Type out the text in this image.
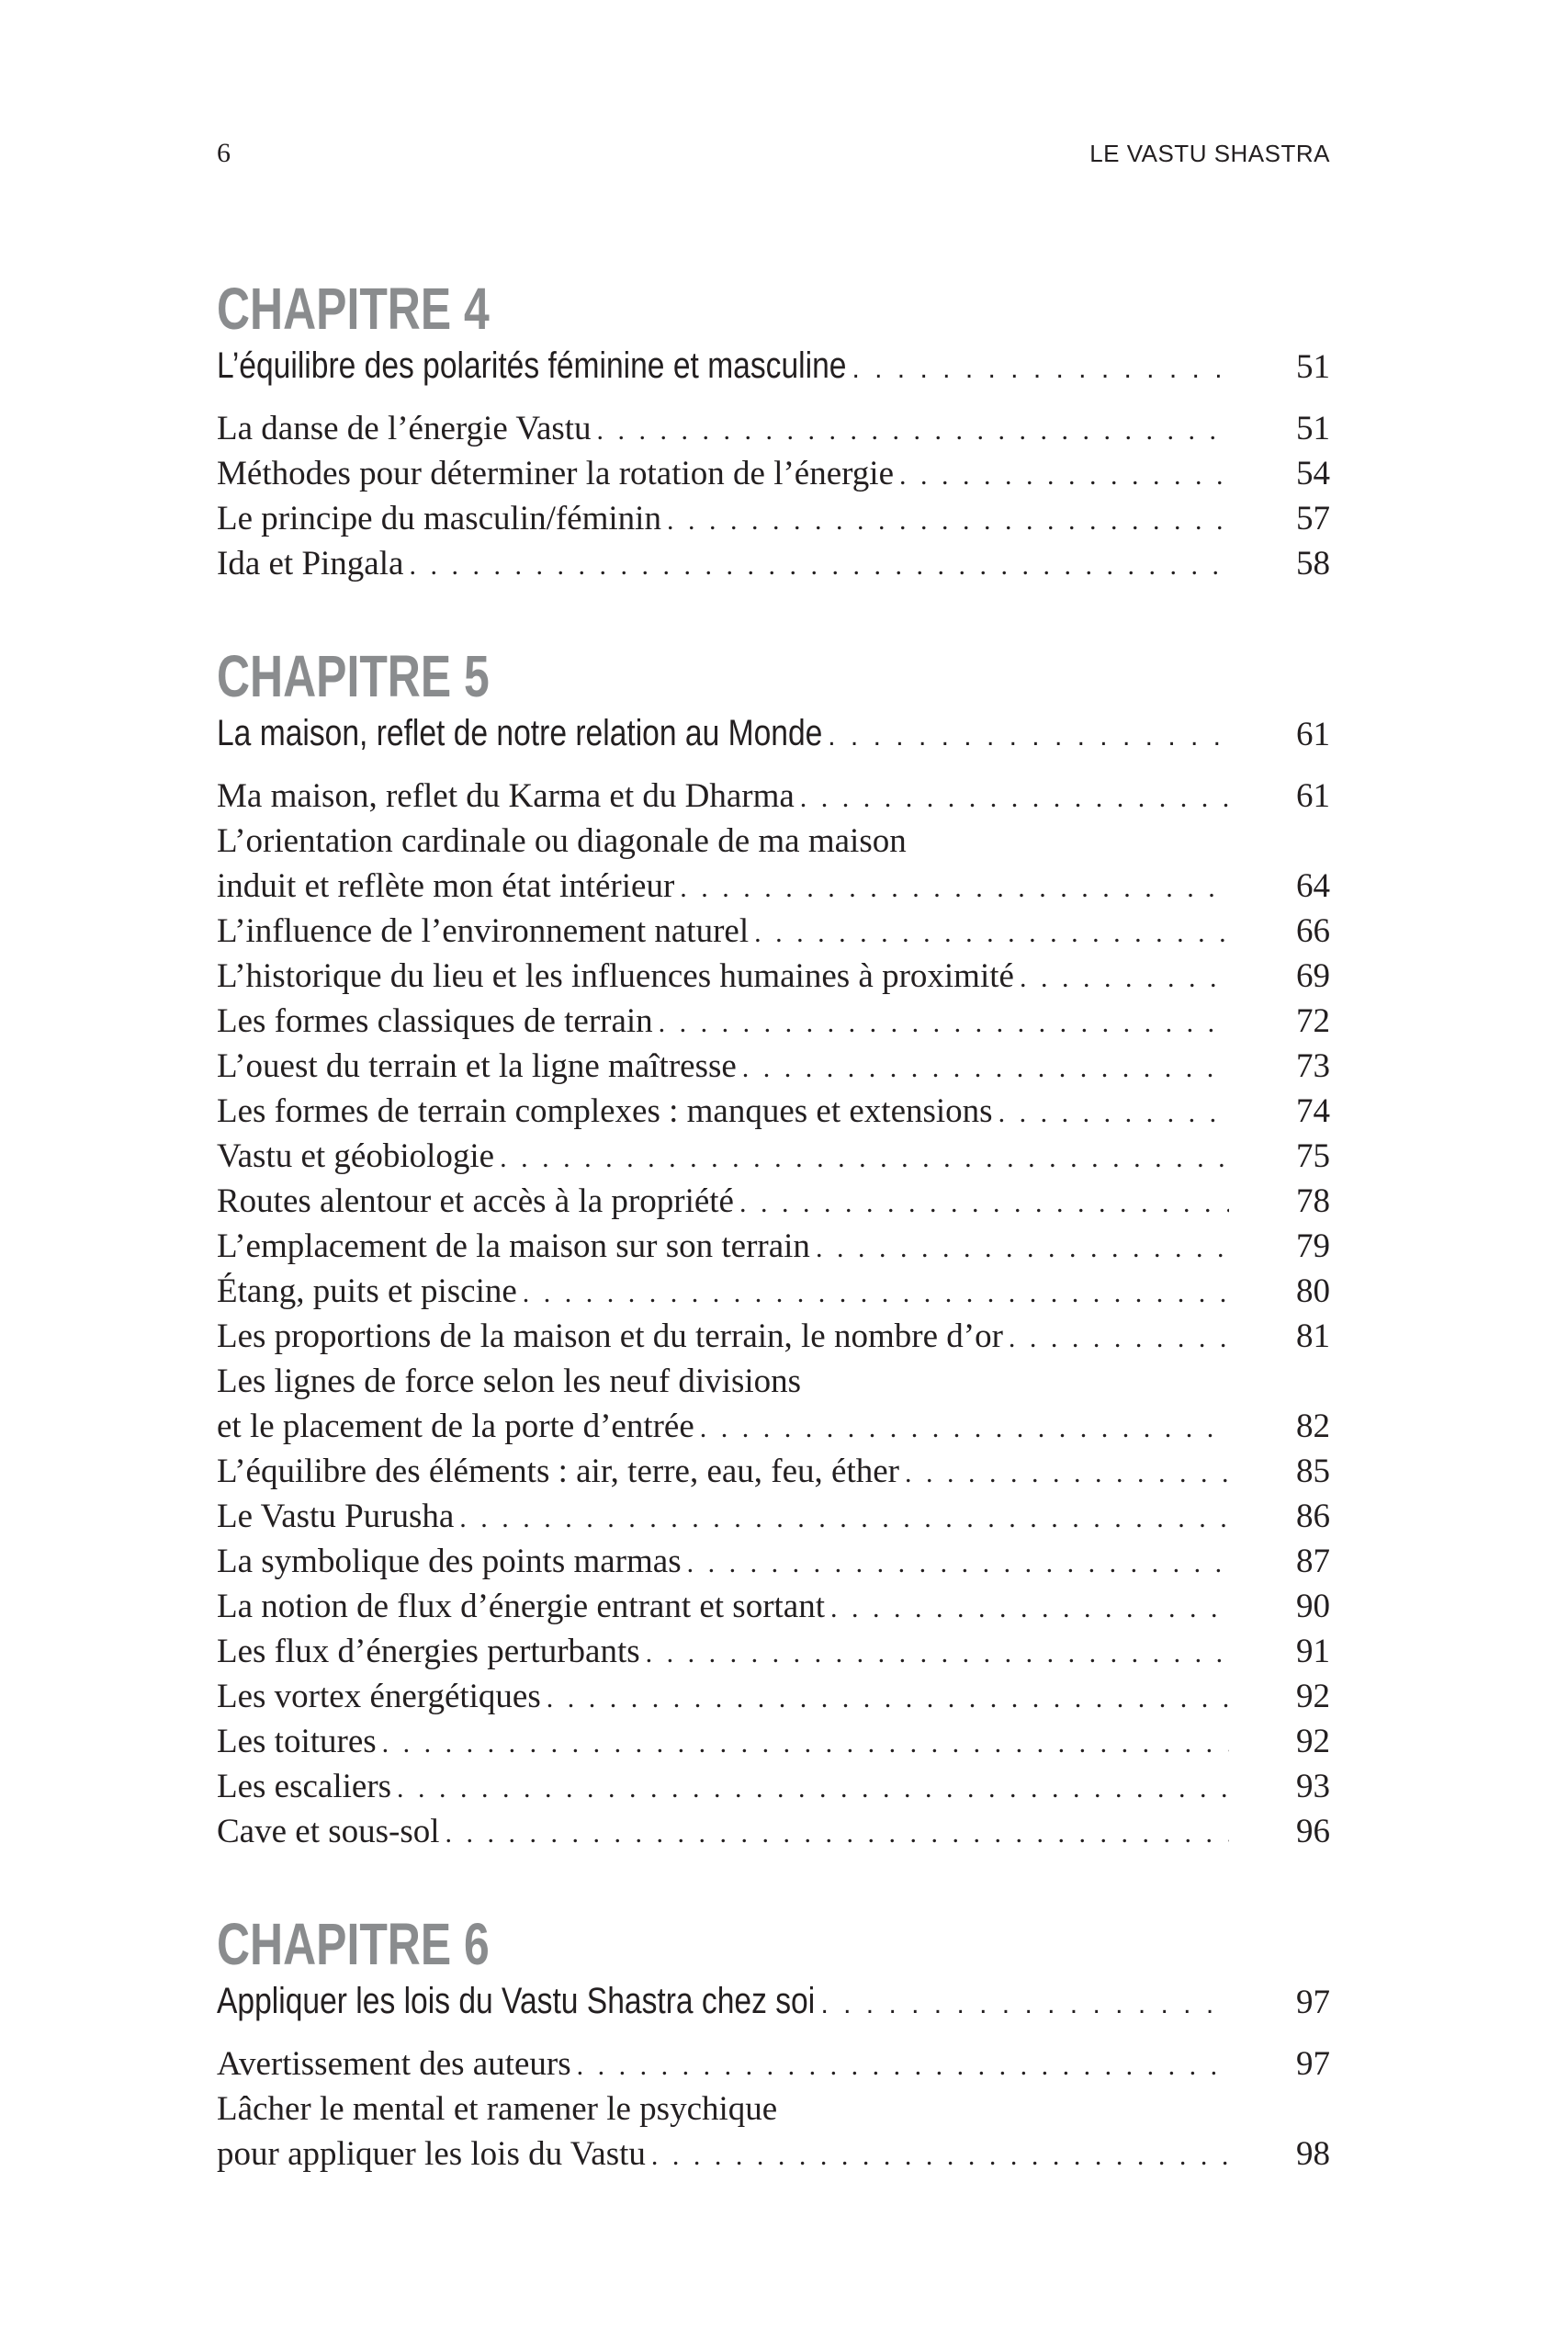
6	LE VASTU SHASTRA
CHAPITRE 4
L’équilibre des polarités féminine et masculine . . .	51
La danse de l’énergie Vastu . . .	51
Méthodes pour déterminer la rotation de l’énergie . . .	54
Le principe du masculin/féminin . . .	57
Ida et Pingala . . .	58
CHAPITRE 5
La maison, reflet de notre relation au Monde . . .	61
Ma maison, reflet du Karma et du Dharma . . .	61
L’orientation cardinale ou diagonale de ma maison
induit et reflète mon état intérieur . . .	64
L’influence de l’environnement naturel . . .	66
L’historique du lieu et les influences humaines à proximité . . .	69
Les formes classiques de terrain . . .	72
L’ouest du terrain et la ligne maîtresse . . .	73
Les formes de terrain complexes : manques et extensions . . .	74
Vastu et géobiologie . . .	75
Routes alentour et accès à la propriété . . .	78
L’emplacement de la maison sur son terrain . . .	79
Étang, puits et piscine . . .	80
Les proportions de la maison et du terrain, le nombre d’or . . .	81
Les lignes de force selon les neuf divisions
et le placement de la porte d’entrée . . .	82
L’équilibre des éléments : air, terre, eau, feu, éther . . .	85
Le Vastu Purusha . . .	86
La symbolique des points marmas . . .	87
La notion de flux d’énergie entrant et sortant . . .	90
Les flux d’énergies perturbants . . .	91
Les vortex énergétiques . . .	92
Les toitures . . .	92
Les escaliers . . .	93
Cave et sous-sol . . .	96
CHAPITRE 6
Appliquer les lois du Vastu Shastra chez soi . . .	97
Avertissement des auteurs . . .	97
Lâcher le mental et ramener le psychique
pour appliquer les lois du Vastu . . .	98
